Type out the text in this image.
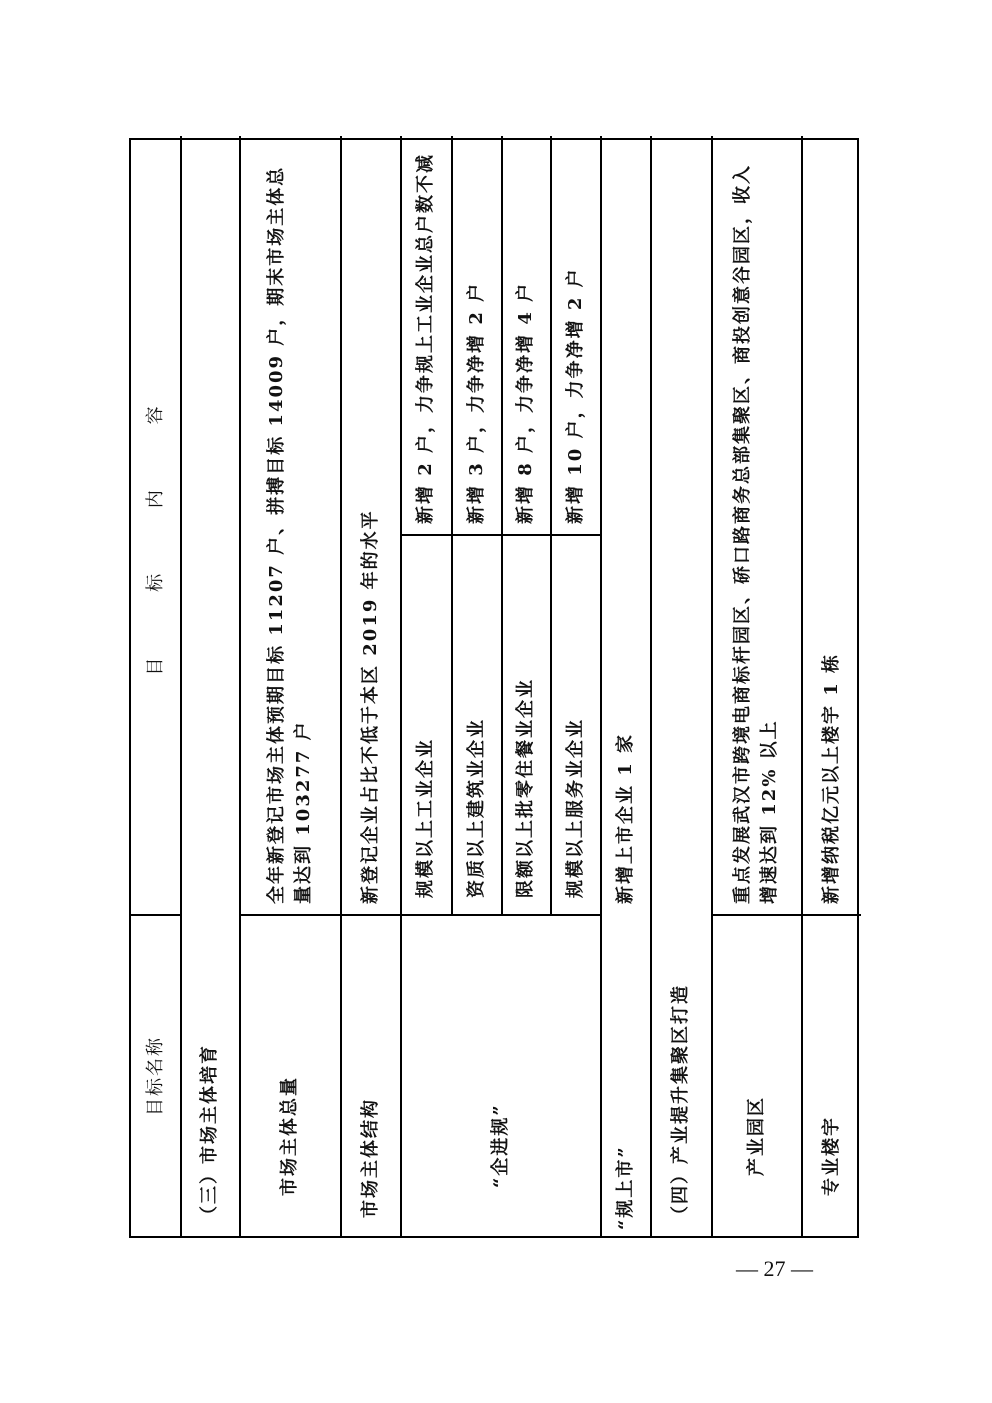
目标名称
目 标 内 容
（三）市场主体培育	市场主体总量
全年新登记市场主体预期目标 11207 户、拼搏目标 14009 户，期末市场主体总量达到 103277 户
市场主体结构
新登记企业占比不低于本区 2019 年的水平
“企进规”
规模以上工业企业
新增 2 户，力争规上工业企业总户数不减
资质以上建筑业企业
新增 3 户，力争净增 2 户
限额以上批零住餐业企业
新增 8 户，力争净增 4 户
规模以上服务业企业
新增 10 户，力争净增 2 户
“规上市”
新增上市企业 1 家
（四）产业提升集聚区打造	产业园区
重点发展武汉市跨境电商标杆园区、硚口路商务总部集聚区、商投创意谷园区，收入增速达到 12% 以上
专业楼宇
新增纳税亿元以上楼宇 1 栋
— 27 —
